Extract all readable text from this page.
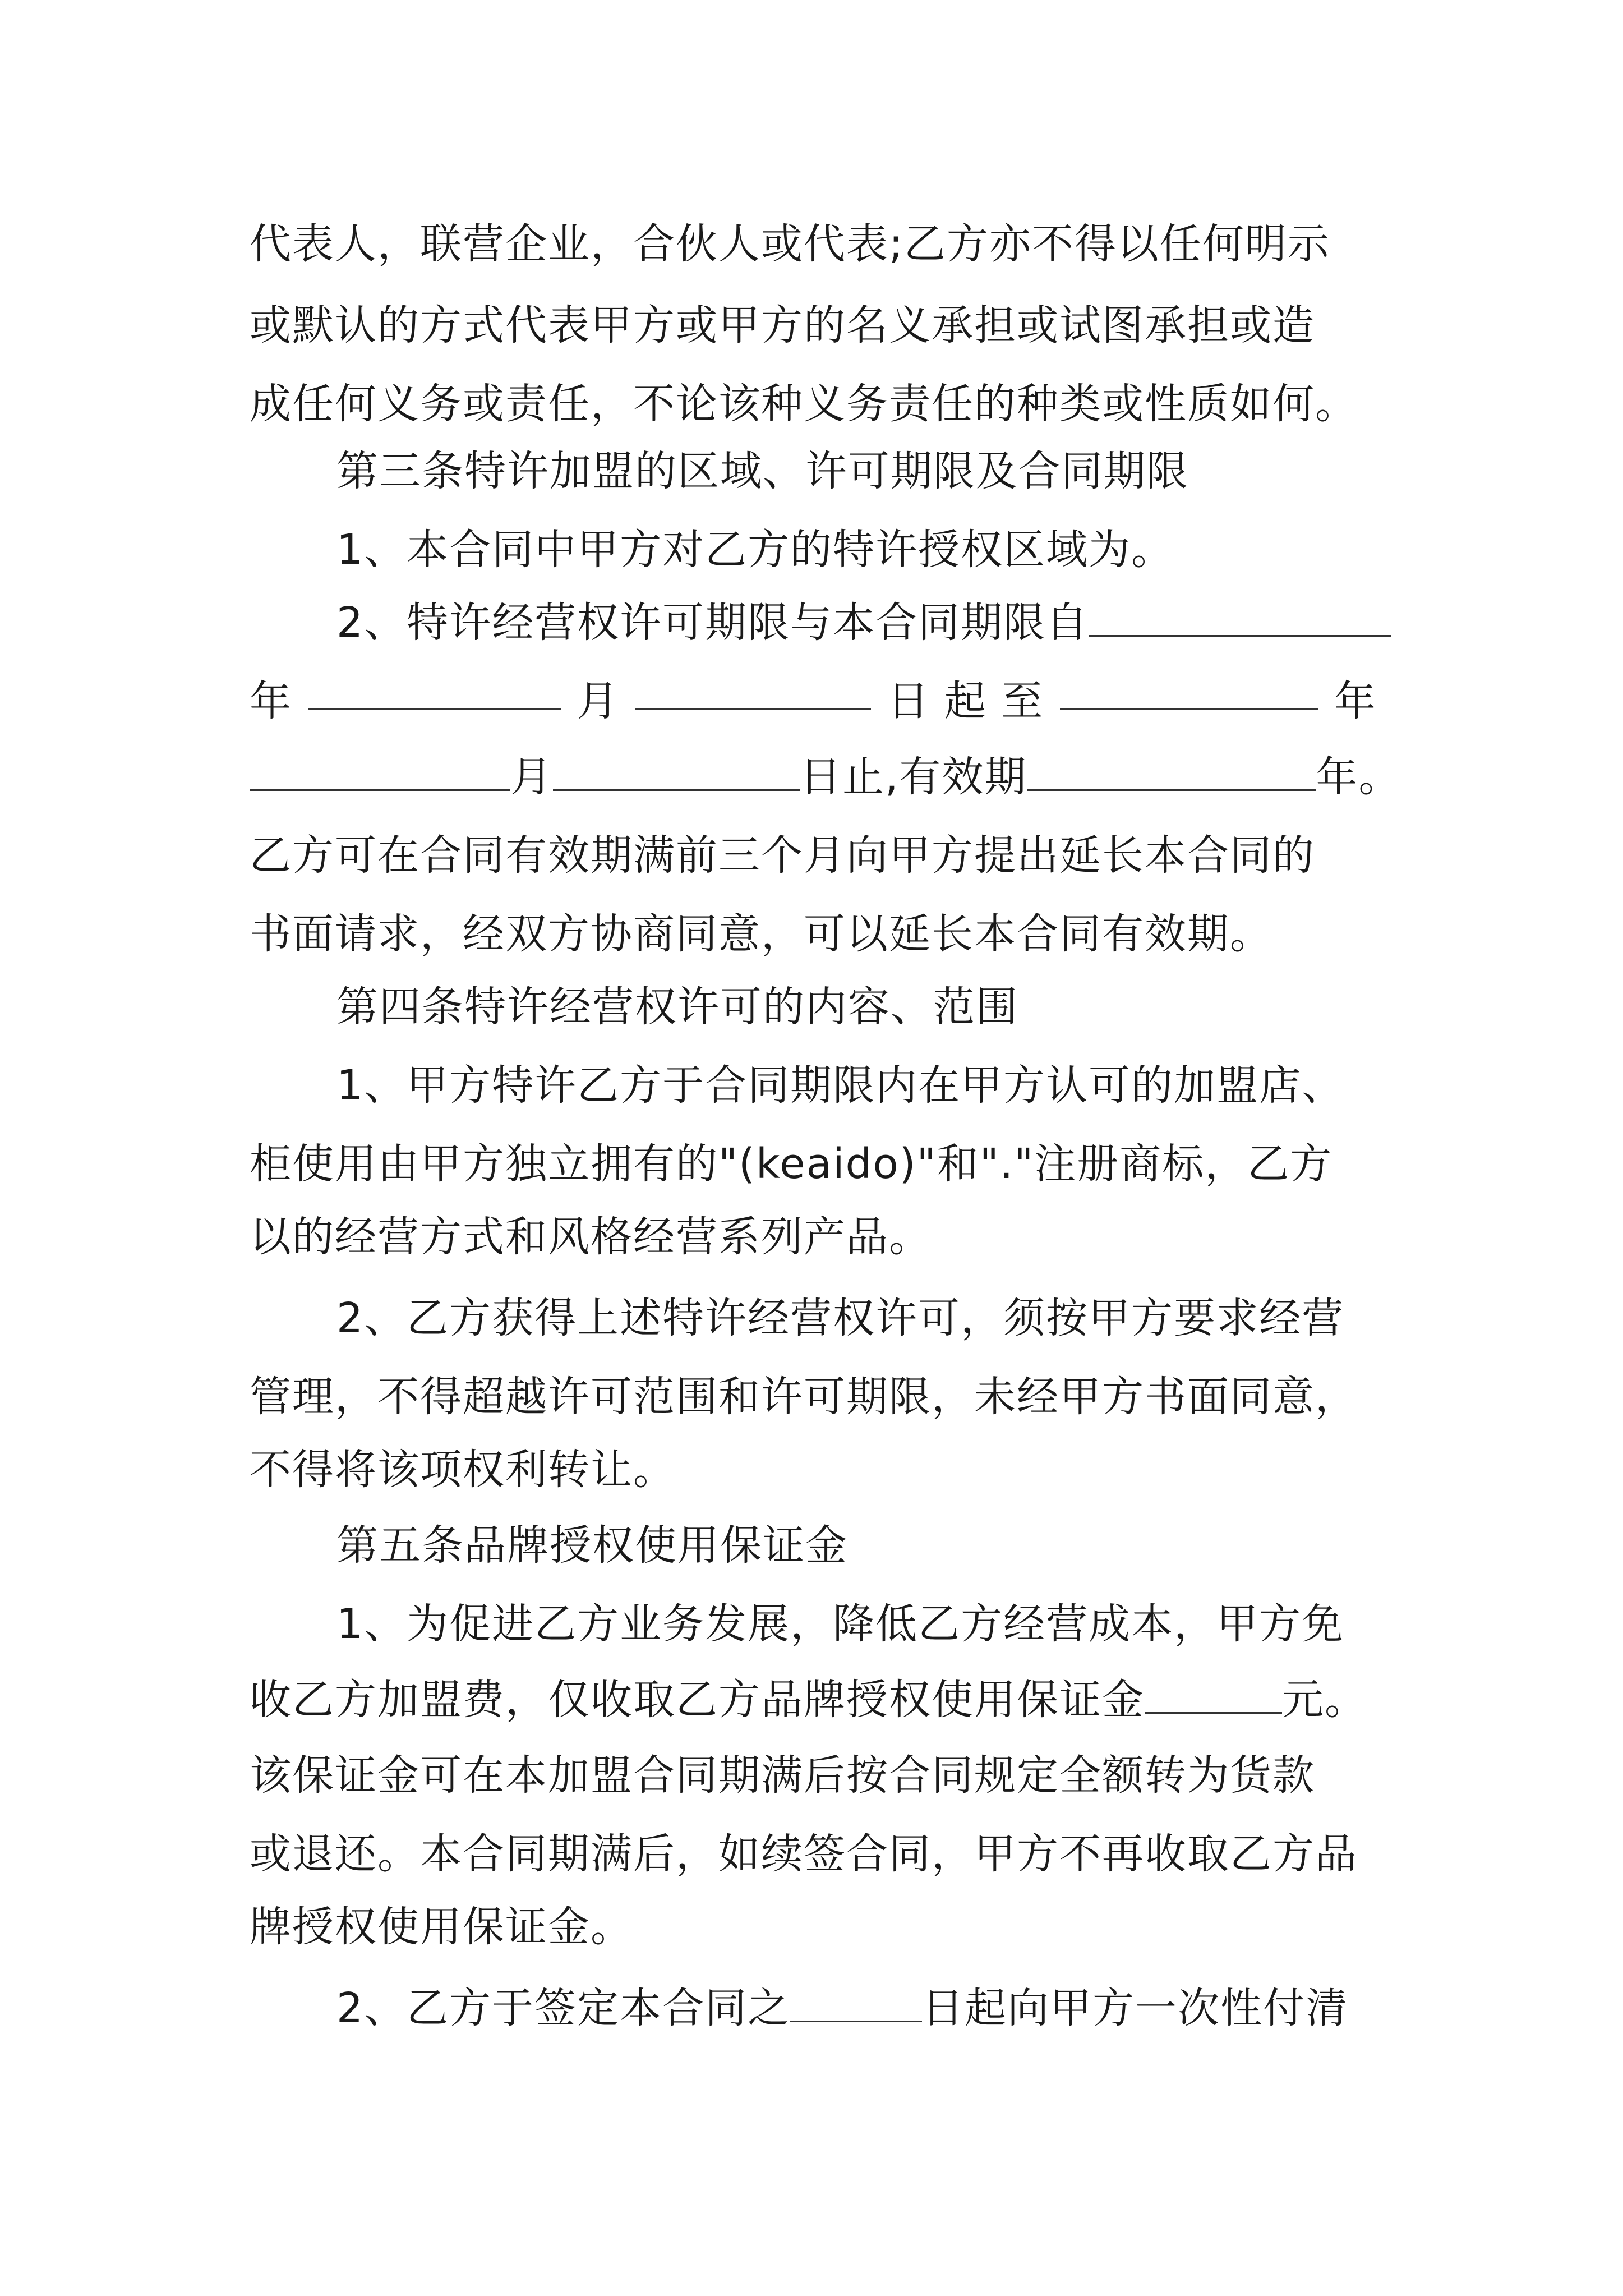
代表人，联营企业，合伙人或代表;乙方亦不得以任何明示
或默认的方式代表甲方或甲方的名义承担或试图承担或造
成任何义务或责任，不论该种义务责任的种类或性质如何。
第三条特许加盟的区域、许可期限及合同期限
1、本合同中甲方对乙方的特许授权区域为。
2、特许经营权许可期限与本合同期限自
年	月	日 起 至	年
月	日止,有效期	年。
乙方可在合同有效期满前三个月向甲方提出延长本合同的
书面请求，经双方协商同意，可以延长本合同有效期。
第四条特许经营权许可的内容、范围
1、甲方特许乙方于合同期限内在甲方认可的加盟店、
柜使用由甲方独立拥有的"(keaido)"和"."注册商标，乙方
以的经营方式和风格经营系列产品。
2、乙方获得上述特许经营权许可，须按甲方要求经营
管理，不得超越许可范围和许可期限，未经甲方书面同意，
不得将该项权利转让。
第五条品牌授权使用保证金
1、为促进乙方业务发展，降低乙方经营成本，甲方免
收乙方加盟费，仅收取乙方品牌授权使用保证金	元。
该保证金可在本加盟合同期满后按合同规定全额转为货款
或退还。本合同期满后，如续签合同，甲方不再收取乙方品
牌授权使用保证金。
2、乙方于签定本合同之	日起向甲方一次性付清
